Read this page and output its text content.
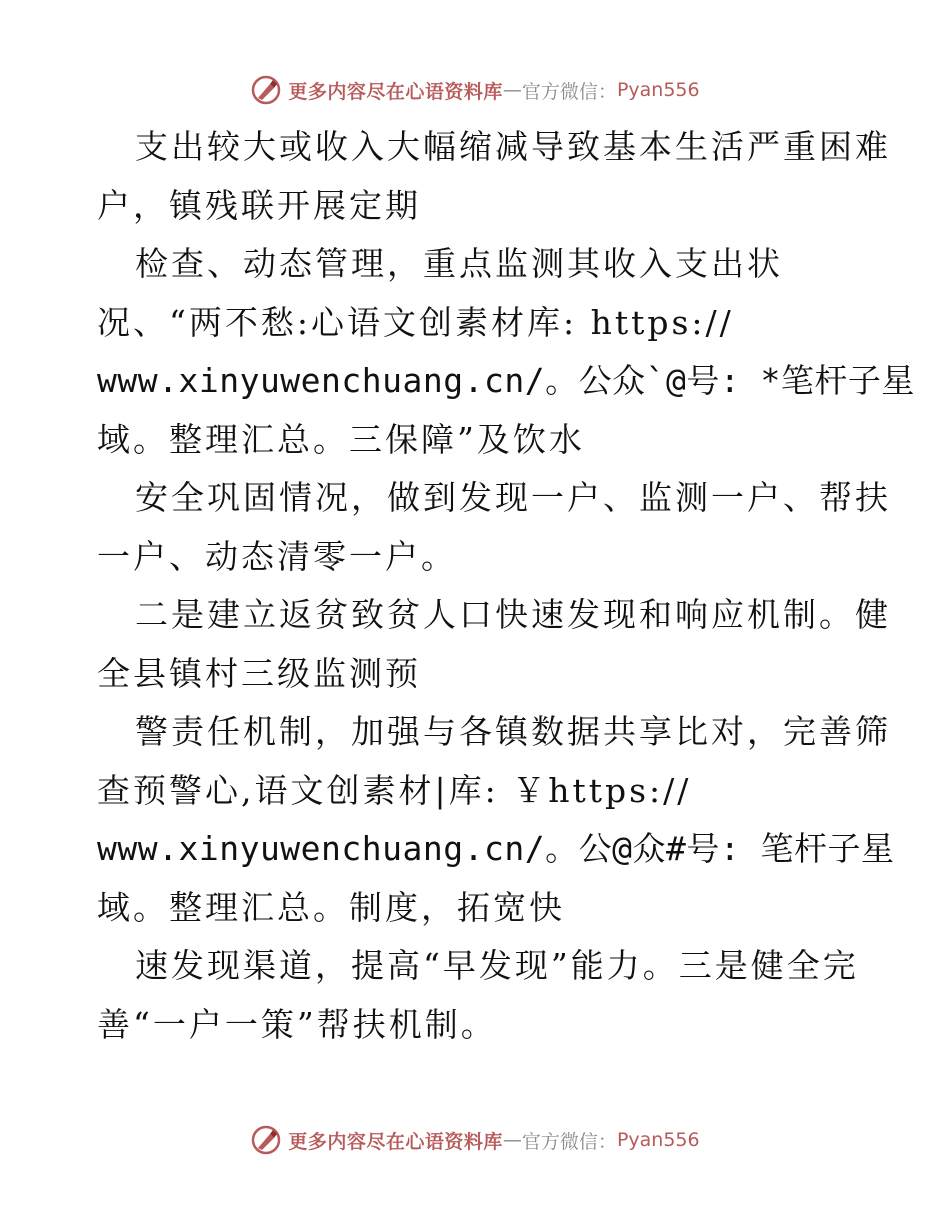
更多内容尽在心语资料库 — 官方微信： Pyan556
支出较大或收入大幅缩减导致基本生活严重困难
户，镇残联开展定期
检查、动态管理，重点监测其收入支出状
况、“两不愁:心语文创素材库: https://
www.xinyuwenchuang.cn/。公众`@号: *笔杆子星
域。整理汇总。三保障”及饮水
安全巩固情况，做到发现一户、监测一户、帮扶
一户、动态清零一户。
二是建立返贫致贫人口快速发现和响应机制。健
全县镇村三级监测预
警责任机制，加强与各镇数据共享比对，完善筛
查预警心,语文创素材|库: ￥https://
www.xinyuwenchuang.cn/。公@众#号: 笔杆子星
域。整理汇总。制度，拓宽快
速发现渠道，提高“早发现”能力。三是健全完
善“一户一策”帮扶机制。
更多内容尽在心语资料库 — 官方微信： Pyan556
